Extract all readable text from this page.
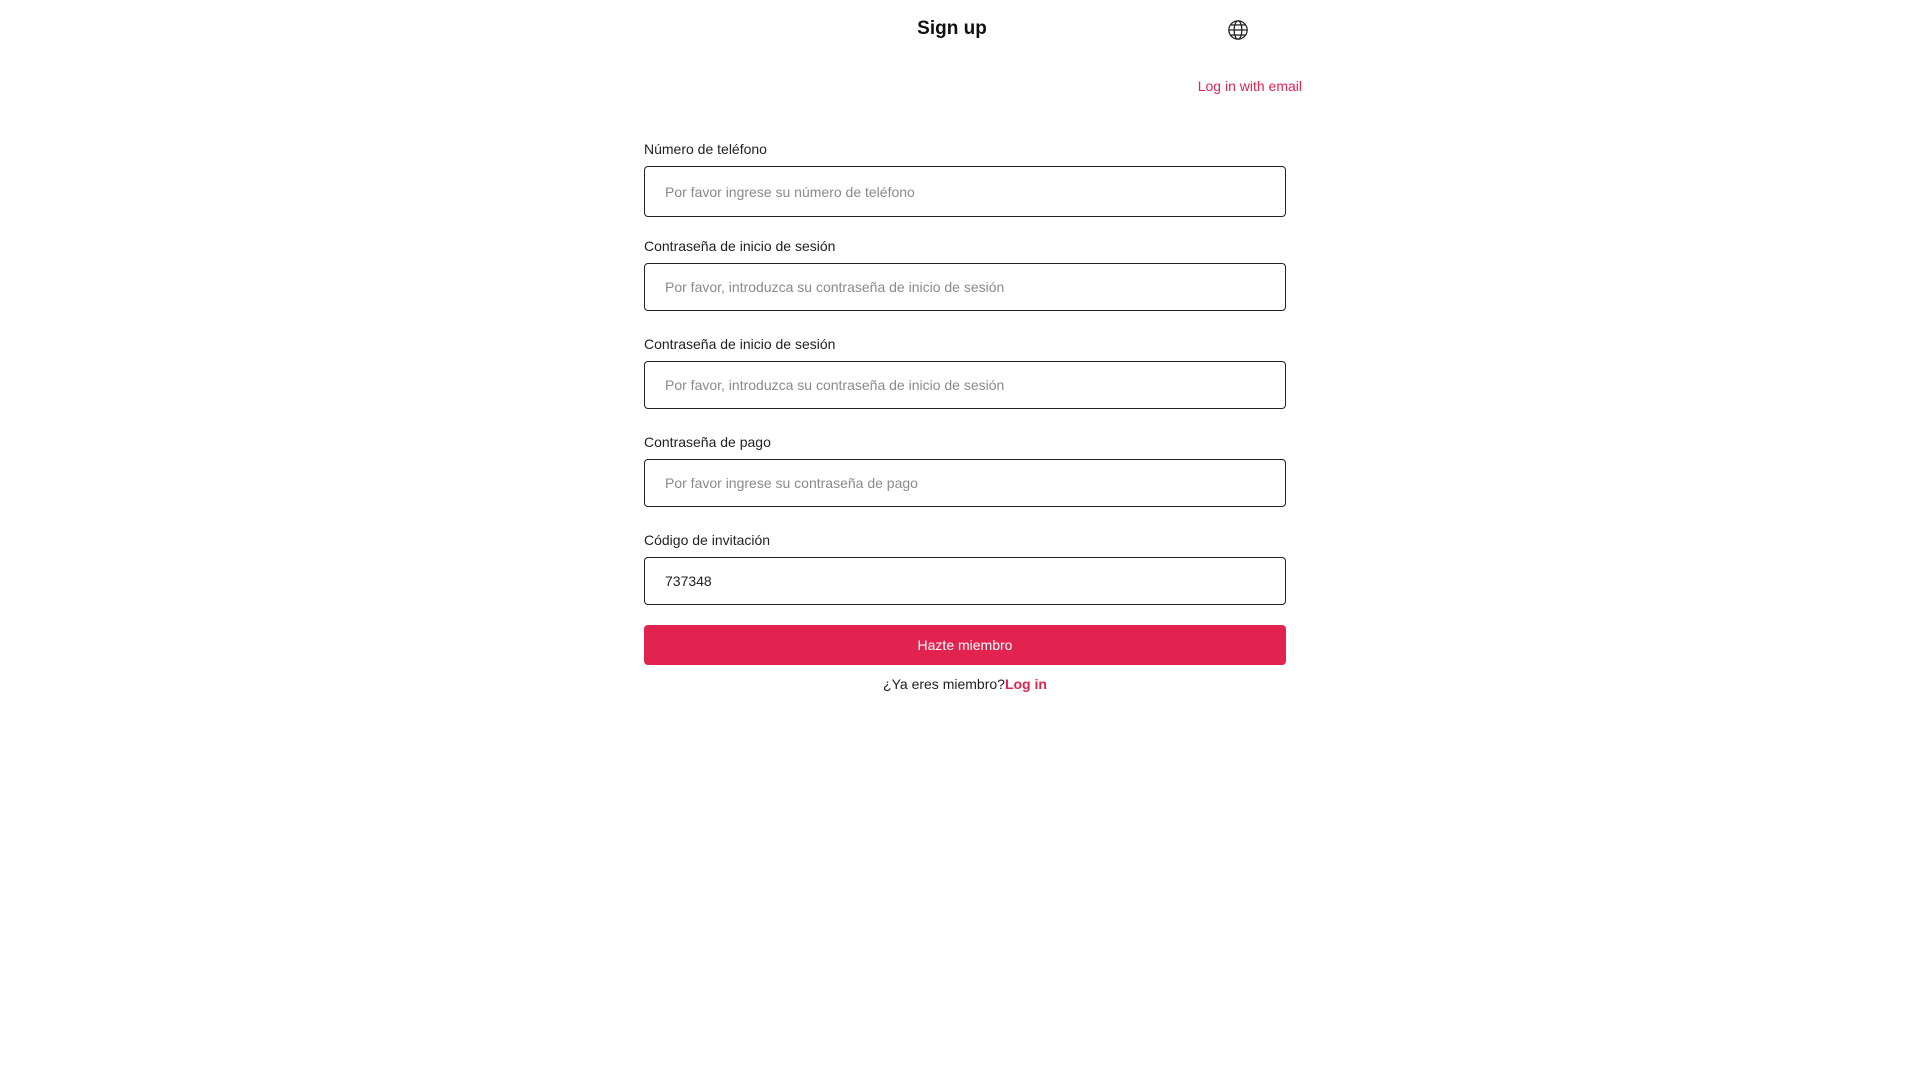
Sign up
Log in with email
Número de teléfono
Por favor ingrese su número de teléfono
Contraseña de inicio de sesión
Contraseña de inicio de sesión
Contraseña de pago
Código de invitación
737348
Hazte miembro
¿Ya eres miembro?Log in
